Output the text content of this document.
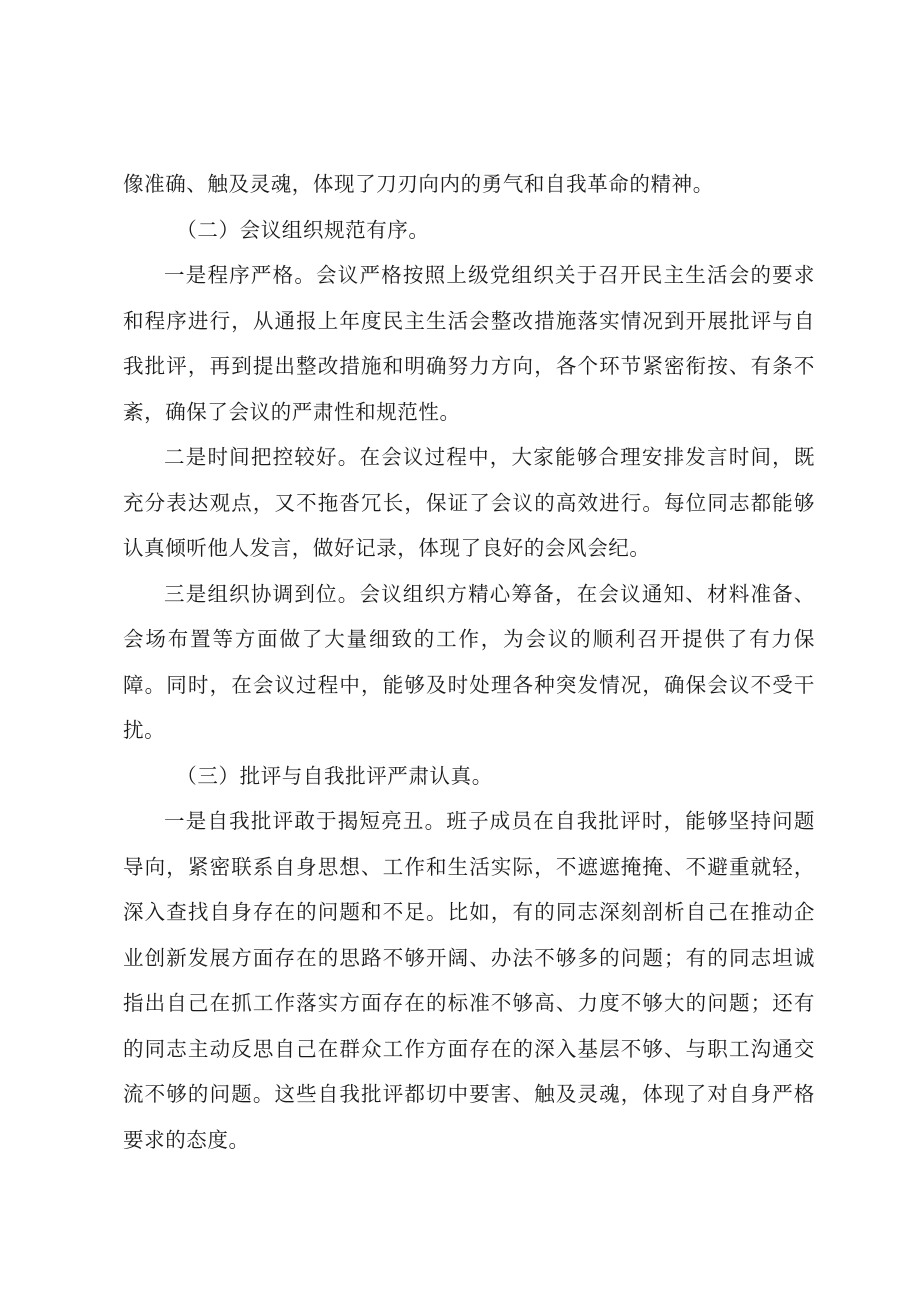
像准确、触及灵魂，体现了刀刃向内的勇气和自我革命的精神。

（二）会议组织规范有序。

一是程序严格。会议严格按照上级党组织关于召开民主生活会的要求和程序进行，从通报上年度民主生活会整改措施落实情况到开展批评与自我批评，再到提出整改措施和明确努力方向，各个环节紧密衔按、有条不紊，确保了会议的严肃性和规范性。

二是时间把控较好。在会议过程中，大家能够合理安排发言时间，既充分表达观点，又不拖沓冗长，保证了会议的高效进行。每位同志都能够认真倾听他人发言，做好记录，体现了良好的会风会纪。

三是组织协调到位。会议组织方精心筹备，在会议通知、材料准备、会场布置等方面做了大量细致的工作，为会议的顺利召开提供了有力保障。同时，在会议过程中，能够及时处理各种突发情况，确保会议不受干扰。

（三）批评与自我批评严肃认真。

一是自我批评敢于揭短亮丑。班子成员在自我批评时，能够坚持问题导向，紧密联系自身思想、工作和生活实际，不遮遮掩掩、不避重就轻，深入查找自身存在的问题和不足。比如，有的同志深刻剖析自己在推动企业创新发展方面存在的思路不够开阔、办法不够多的问题；有的同志坦诚指出自己在抓工作落实方面存在的标准不够高、力度不够大的问题；还有的同志主动反思自己在群众工作方面存在的深入基层不够、与职工沟通交流不够的问题。这些自我批评都切中要害、触及灵魂，体现了对自身严格要求的态度。
